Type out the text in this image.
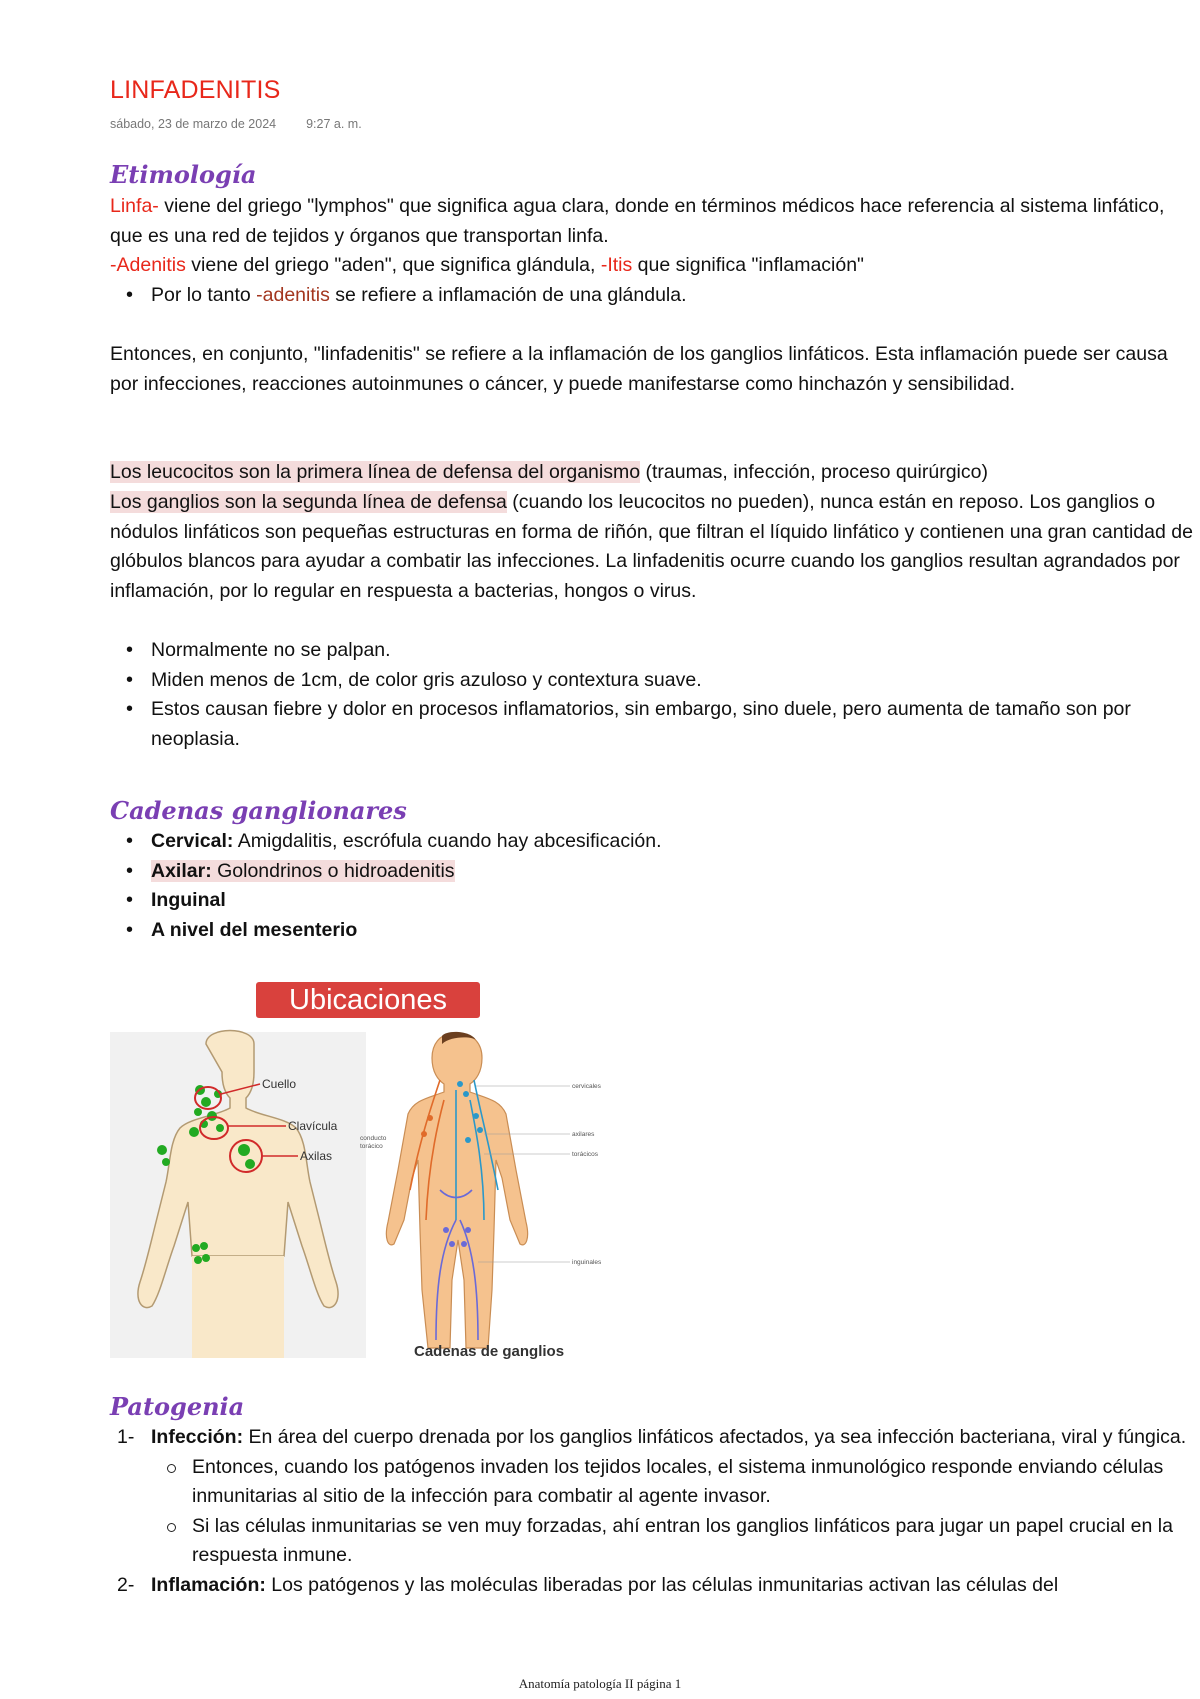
LINFADENITIS
sábado, 23 de marzo de 2024 9:27 a. m.
Etimología
Linfa- viene del griego "lymphos" que significa agua clara, donde en términos médicos hace referencia al sistema linfático, que es una red de tejidos y órganos que transportan linfa.
-Adenitis viene del griego "aden", que significa glándula, -Itis que significa "inflamación"
• Por lo tanto -adenitis se refiere a inflamación de una glándula.
Entonces, en conjunto, "linfadenitis" se refiere a la inflamación de los ganglios linfáticos. Esta inflamación puede ser causa por infecciones, reacciones autoinmunes o cáncer, y puede manifestarse como hinchazón y sensibilidad.
Los leucocitos son la primera línea de defensa del organismo (traumas, infección, proceso quirúrgico)
Los ganglios son la segunda línea de defensa (cuando los leucocitos no pueden), nunca están en reposo. Los ganglios o nódulos linfáticos son pequeñas estructuras en forma de riñón, que filtran el líquido linfático y contienen una gran cantidad de glóbulos blancos para ayudar a combatir las infecciones. La linfadenitis ocurre cuando los ganglios resultan agrandados por inflamación, por lo regular en respuesta a bacterias, hongos o virus.
• Normalmente no se palpan.
• Miden menos de 1cm, de color gris azuloso y contextura suave.
• Estos causan fiebre y dolor en procesos inflamatorios, sin embargo, sino duele, pero aumenta de tamaño son por neoplasia.
Cadenas ganglionares
• Cervical: Amigdalitis, escrófula cuando hay abcesificación.
• Axilar: Golondrinos o hidroadenitis
• Inguinal
• A nivel del mesenterio
Ubicaciones
Cuello
Clavícula
Axilas
cervicales
axilares
torácicos
inguinales
conducto
torácico
Cadenas de ganglios
Patogenia
1- Infección: En área del cuerpo drenada por los ganglios linfáticos afectados, ya sea infección bacteriana, viral y fúngica.
Entonces, cuando los patógenos invaden los tejidos locales, el sistema inmunológico responde enviando células inmunitarias al sitio de la infección para combatir al agente invasor.
Si las células inmunitarias se ven muy forzadas, ahí entran los ganglios linfáticos para jugar un papel crucial en la respuesta inmune.
2- Inflamación: Los patógenos y las moléculas liberadas por las células inmunitarias activan las células del
Anatomía patología II página 1
